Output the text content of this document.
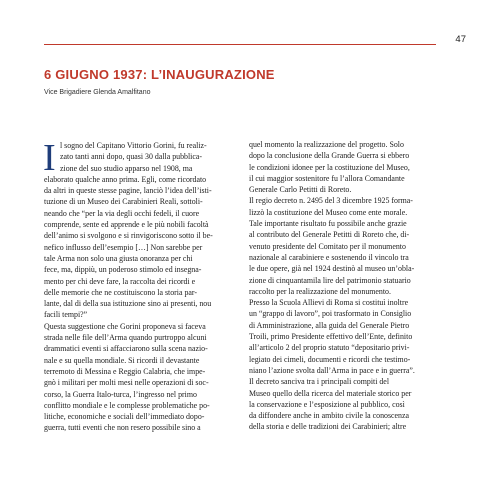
47
6 GIUGNO 1937: L’INAUGURAZIONE
Vice Brigadiere Glenda Amalfitano
I l sogno del Capitano Vittorio Gorini, fu realiz-
zato tanti anni dopo, quasi 30 dalla pubblica-
zione del suo studio apparso nel 1908, ma
elaborato qualche anno prima. Egli, come ricordato
da altri in queste stesse pagine, lanciò l’idea dell’isti-
tuzione di un Museo dei Carabinieri Reali, sottoli-
neando che “per la via degli occhi fedeli, il cuore
comprende, sente ed apprende e le più nobili facoltà
dell’animo si svolgono e si rinvigoriscono sotto il be-
nefico influsso dell’esempio […] Non sarebbe per
tale Arma non solo una giusta onoranza per chi
fece, ma, dippiù, un poderoso stimolo ed insegna-
mento per chi deve fare, la raccolta dei ricordi e
delle memorie che ne costituiscono la storia par-
lante, dal di della sua istituzione sino ai presenti, nou
facili tempi?”
Questa suggestione che Gorini proponeva si faceva
strada nelle file dell’Arma quando purtroppo alcuni
drammatici eventi si affacciarono sulla scena nazio-
nale e su quella mondiale. Si ricordi il devastante
terremoto di Messina e Reggio Calabria, che impe-
gnò i militari per molti mesi nelle operazioni di soc-
corso, la Guerra Italo-turca, l’ingresso nel primo
conflitto mondiale e le complesse problematiche po-
litiche, economiche e sociali dell’immediato dopo-
guerra, tutti eventi che non resero possibile sino a
quel momento la realizzazione del progetto. Solo
dopo la conclusione della Grande Guerra si ebbero
le condizioni idonee per la costituzione del Museo,
il cui maggior sostenitore fu l’allora Comandante
Generale Carlo Petitti di Roreto.
Il regio decreto n. 2495 del 3 dicembre 1925 forma-
lizzò la costituzione del Museo come ente morale.
Tale importante risultato fu possibile anche grazie
al contributo del Generale Petitti di Roreto che, di-
venuto presidente del Comitato per il monumento
nazionale al carabiniere e sostenendo il vincolo tra
le due opere, già nel 1924 destinò al museo un’obla-
zione di cinquantamila lire del patrimonio statuario
raccolto per la realizzazione del monumento.
Presso la Scuola Allievi di Roma si costituì inoltre
un “grappo di lavoro”, poi trasformato in Consiglio
di Amministrazione, alla guida del Generale Pietro
Troili, primo Presidente effettivo dell’Ente, definito
all’articolo 2 del proprio statuto “depositario privi-
legiato dei cimeli, documenti e ricordi che testimo-
niano l’azione svolta dall’Arma in pace e in guerra”.
Il decreto sanciva tra i principali compiti del
Museo quello della ricerca del materiale storico per
la conservazione e l’esposizione al pubblico, così
da diffondere anche in ambito civile la conoscenza
della storia e delle tradizioni dei Carabinieri; altre
